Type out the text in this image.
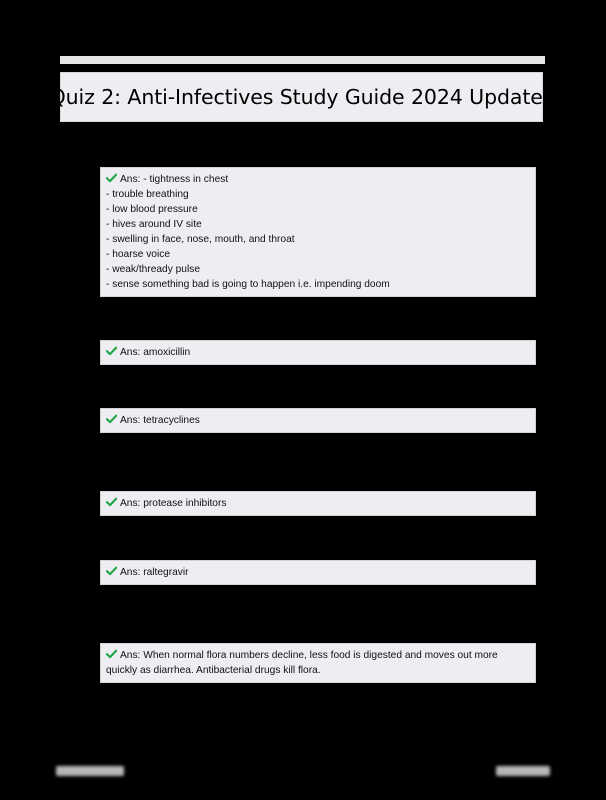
Quiz 2: Anti-Infectives Study Guide 2024 Updates
Ans: - tightness in chest
- trouble breathing
- low blood pressure
- hives around IV site
- swelling in face, nose, mouth, and throat
- hoarse voice
- weak/thready pulse
- sense something bad is going to happen i.e. impending doom
Ans: amoxicillin
Ans: tetracyclines
Ans: protease inhibitors
Ans: raltegravir
Ans: When normal flora numbers decline, less food is digested and moves out more
quickly as diarrhea. Antibacterial drugs kill flora.
